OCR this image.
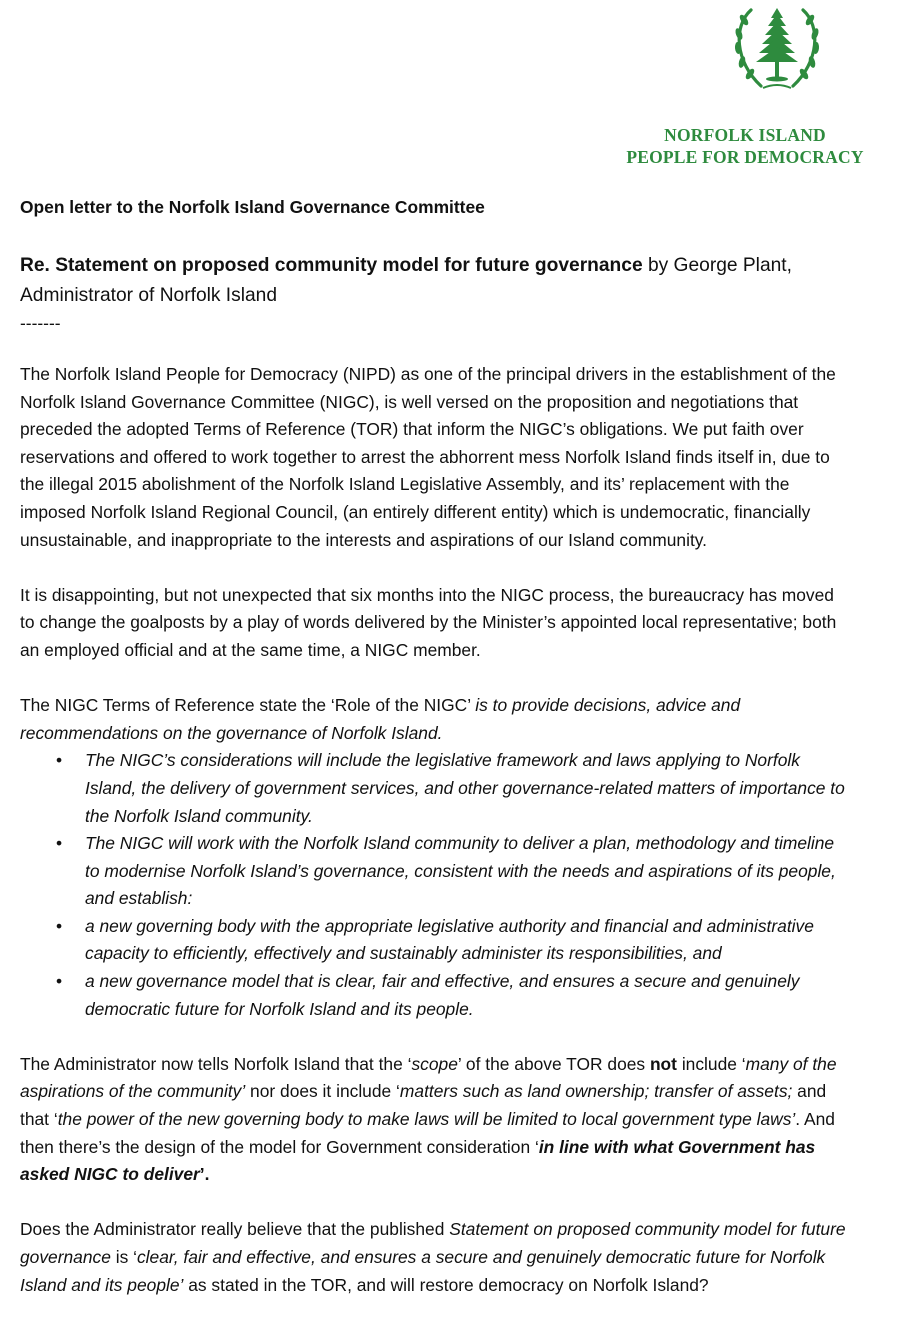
NORFOLK ISLAND
PEOPLE FOR DEMOCRACY

Open letter to the Norfolk Island Governance Committee

Re. Statement on proposed community model for future governance by George Plant,

Administrator of Norfolk Island

-------

The Norfolk Island People for Democracy (NIPD) as one of the principal drivers in the establishment of the Norfolk Island Governance Committee (NIGC), is well versed on the proposition and negotiations that preceded the adopted Terms of Reference (TOR) that inform the NIGC’s obligations. We put faith over reservations and offered to work together to arrest the abhorrent mess Norfolk Island finds itself in, due to the illegal 2015 abolishment of the Norfolk Island Legislative Assembly, and its’ replacement with the imposed Norfolk Island Regional Council, (an entirely different entity) which is undemocratic, financially unsustainable, and inappropriate to the interests and aspirations of our Island community.

It is disappointing, but not unexpected that six months into the NIGC process, the bureaucracy has moved to change the goalposts by a play of words delivered by the Minister’s appointed local representative; both an employed official and at the same time, a NIGC member.

The NIGC Terms of Reference state the ‘Role of the NIGC’ is to provide decisions, advice and recommendations on the governance of Norfolk Island.

• The NIGC’s considerations will include the legislative framework and laws applying to Norfolk Island, the delivery of government services, and other governance-related matters of importance to the Norfolk Island community.
• The NIGC will work with the Norfolk Island community to deliver a plan, methodology and timeline to modernise Norfolk Island’s governance, consistent with the needs and aspirations of its people, and establish:
• a new governing body with the appropriate legislative authority and financial and administrative capacity to efficiently, effectively and sustainably administer its responsibilities, and
• a new governance model that is clear, fair and effective, and ensures a secure and genuinely democratic future for Norfolk Island and its people.

The Administrator now tells Norfolk Island that the ‘scope’ of the above TOR does not include ‘many of the aspirations of the community’ nor does it include ‘matters such as land ownership; transfer of assets; and that ‘the power of the new governing body to make laws will be limited to local government type laws’. And then there’s the design of the model for Government consideration ‘in line with what Government has asked NIGC to deliver’.

Does the Administrator really believe that the published Statement on proposed community model for future governance is ‘clear, fair and effective, and ensures a secure and genuinely democratic future for Norfolk Island and its people’ as stated in the TOR, and will restore democracy on Norfolk Island?
